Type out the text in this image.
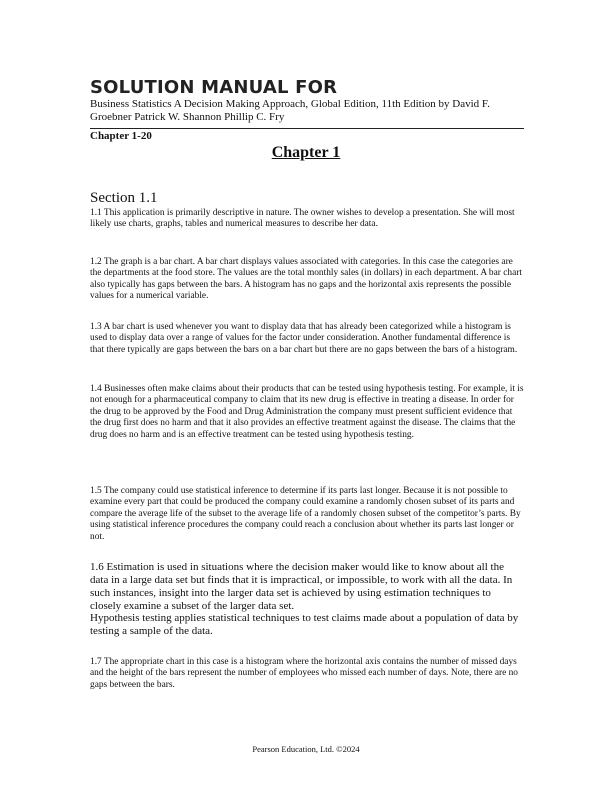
SOLUTION MANUAL FOR
Business Statistics A Decision Making Approach, Global Edition, 11th Edition by David F. Groebner Patrick W. Shannon Phillip C. Fry
Chapter 1-20
Chapter 1
Section 1.1

1.1 This application is primarily descriptive in nature. The owner wishes to develop a presentation. She will most likely use charts, graphs, tables and numerical measures to describe her data.

1.2 The graph is a bar chart. A bar chart displays values associated with categories. In this case the categories are the departments at the food store. The values are the total monthly sales (in dollars) in each department. A bar chart also typically has gaps between the bars. A histogram has no gaps and the horizontal axis represents the possible values for a numerical variable.

1.3 A bar chart is used whenever you want to display data that has already been categorized while a histogram is used to display data over a range of values for the factor under consideration. Another fundamental difference is that there typically are gaps between the bars on a bar chart but there are no gaps between the bars of a histogram.

1.4 Businesses often make claims about their products that can be tested using hypothesis testing. For example, it is not enough for a pharmaceutical company to claim that its new drug is effective in treating a disease. In order for the drug to be approved by the Food and Drug Administration the company must present sufficient evidence that the drug first does no harm and that it also provides an effective treatment against the disease. The claims that the drug does no harm and is an effective treatment can be tested using hypothesis testing.

1.5 The company could use statistical inference to determine if its parts last longer. Because it is not possible to examine every part that could be produced the company could examine a randomly chosen subset of its parts and compare the average life of the subset to the average life of a randomly chosen subset of the competitor’s parts. By using statistical inference procedures the company could reach a conclusion about whether its parts last longer or not.

1.6 Estimation is used in situations where the decision maker would like to know about all the data in a large data set but finds that it is impractical, or impossible, to work with all the data. In such instances, insight into the larger data set is achieved by using estimation techniques to closely examine a subset of the larger data set.

Hypothesis testing applies statistical techniques to test claims made about a population of data by testing a sample of the data.

1.7 The appropriate chart in this case is a histogram where the horizontal axis contains the number of missed days and the height of the bars represent the number of employees who missed each number of days. Note, there are no gaps between the bars.

Pearson Education, Ltd. ©2024
